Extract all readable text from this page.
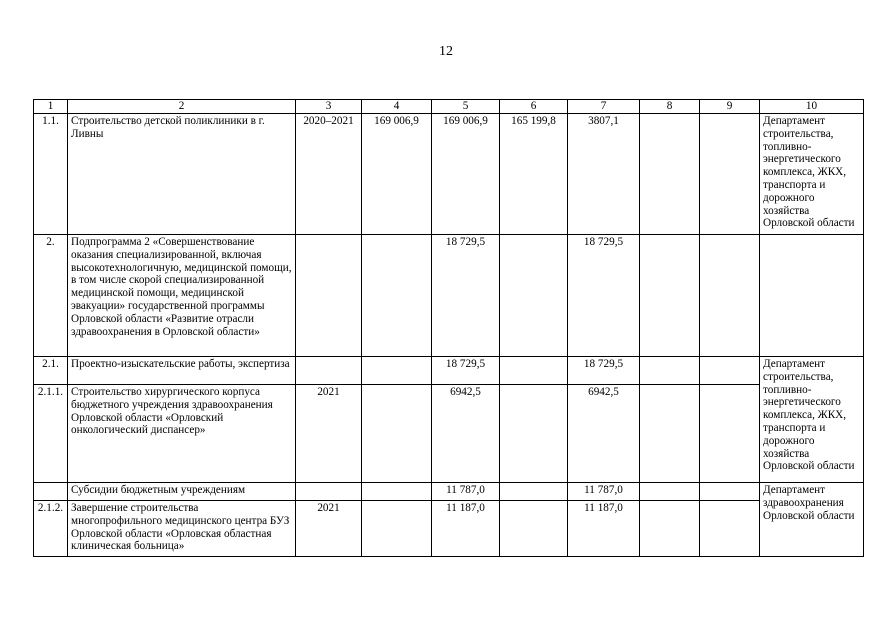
12
1	2	3	4	5	6	7	8	9	10
1.1.	Строительство детской поликлиники в г. Ливны	2020–2021	169 006,9	169 006,9	165 199,8	3807,1			Департамент строительства, топливно-энергетического комплекса, ЖКХ, транспорта и дорожного хозяйства Орловской области
2.	Подпрограмма 2 «Совершенствование оказания специализированной, включая высокотехнологичную, медицинской помощи, в том числе скорой специализированной медицинской помощи, медицинской эвакуации» государственной программы Орловской области «Развитие отрасли здравоохранения в Орловской области»			18 729,5		18 729,5			
2.1.	Проектно-изыскательские работы, экспертиза			18 729,5		18 729,5			Департамент строительства, топливно-энергетического комплекса, ЖКХ, транспорта и дорожного хозяйства Орловской области
2.1.1.	Строительство хирургического корпуса бюджетного учреждения здравоохранения Орловской области «Орловский онкологический диспансер»	2021		6942,5		6942,5			
	Субсидии бюджетным учреждениям			11 787,0		11 787,0			Департамент здравоохранения Орловской области
2.1.2.	Завершение строительства многопрофильного медицинского центра БУЗ Орловской области «Орловская областная клиническая больница»	2021		11 187,0		11 187,0			
